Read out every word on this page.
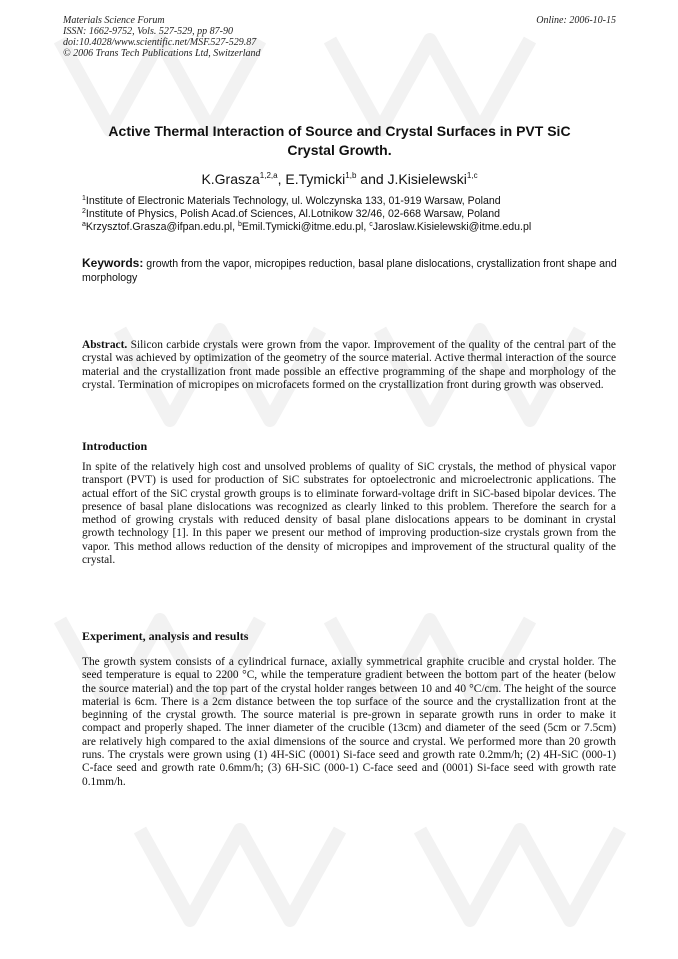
Materials Science Forum
ISSN: 1662-9752, Vols. 527-529, pp 87-90
doi:10.4028/www.scientific.net/MSF.527-529.87
© 2006 Trans Tech Publications Ltd, Switzerland
Online: 2006-10-15
Active Thermal Interaction of Source and Crystal Surfaces in PVT SiC
Crystal Growth.
K.Grasza$^{1,2,a}$, E.Tymicki$^{1,b}$ and J.Kisielewski$^{1,c}$
$^1$Institute of Electronic Materials Technology, ul. Wolczynska 133, 01-919 Warsaw, Poland
$^2$Institute of Physics, Polish Acad.of Sciences, Al.Lotnikow 32/46, 02-668 Warsaw, Poland
$^a$Krzysztof.Grasza@ifpan.edu.pl, $^b$Emil.Tymicki@itme.edu.pl, $^c$Jaroslaw.Kisielewski@itme.edu.pl
Keywords: growth from the vapor, micropipes reduction, basal plane dislocations, crystallization front shape and morphology
Abstract. Silicon carbide crystals were grown from the vapor. Improvement of the quality of the central part of the crystal was achieved by optimization of the geometry of the source material. Active thermal interaction of the source material and the crystallization front made possible an effective programming of the shape and morphology of the crystal. Termination of micropipes on microfacets formed on the crystallization front during growth was observed.
Introduction
In spite of the relatively high cost and unsolved problems of quality of SiC crystals, the method of physical vapor transport (PVT) is used for production of SiC substrates for optoelectronic and microelectronic applications. The actual effort of the SiC crystal growth groups is to eliminate forward-voltage drift in SiC-based bipolar devices. The presence of basal plane dislocations was recognized as clearly linked to this problem. Therefore the search for a method of growing crystals with reduced density of basal plane dislocations appears to be dominant in crystal growth technology [1]. In this paper we present our method of improving production-size crystals grown from the vapor. This method allows reduction of the density of micropipes and improvement of the structural quality of the crystal.
Experiment, analysis and results
The growth system consists of a cylindrical furnace, axially symmetrical graphite crucible and crystal holder. The seed temperature is equal to 2200 °C, while the temperature gradient between the bottom part of the heater (below the source material) and the top part of the crystal holder ranges between 10 and 40 °C/cm. The height of the source material is 6cm. There is a 2cm distance between the top surface of the source and the crystallization front at the beginning of the crystal growth. The source material is pre-grown in separate growth runs in order to make it compact and properly shaped. The inner diameter of the crucible (13cm) and diameter of the seed (5cm or 7.5cm) are relatively high compared to the axial dimensions of the source and crystal. We performed more than 20 growth runs. The crystals were grown using (1) 4H-SiC (0001) Si-face seed and growth rate 0.2mm/h; (2) 4H-SiC (000-1) C-face seed and growth rate 0.6mm/h; (3) 6H-SiC (000-1) C-face seed and (0001) Si-face seed with growth rate 0.1mm/h.
